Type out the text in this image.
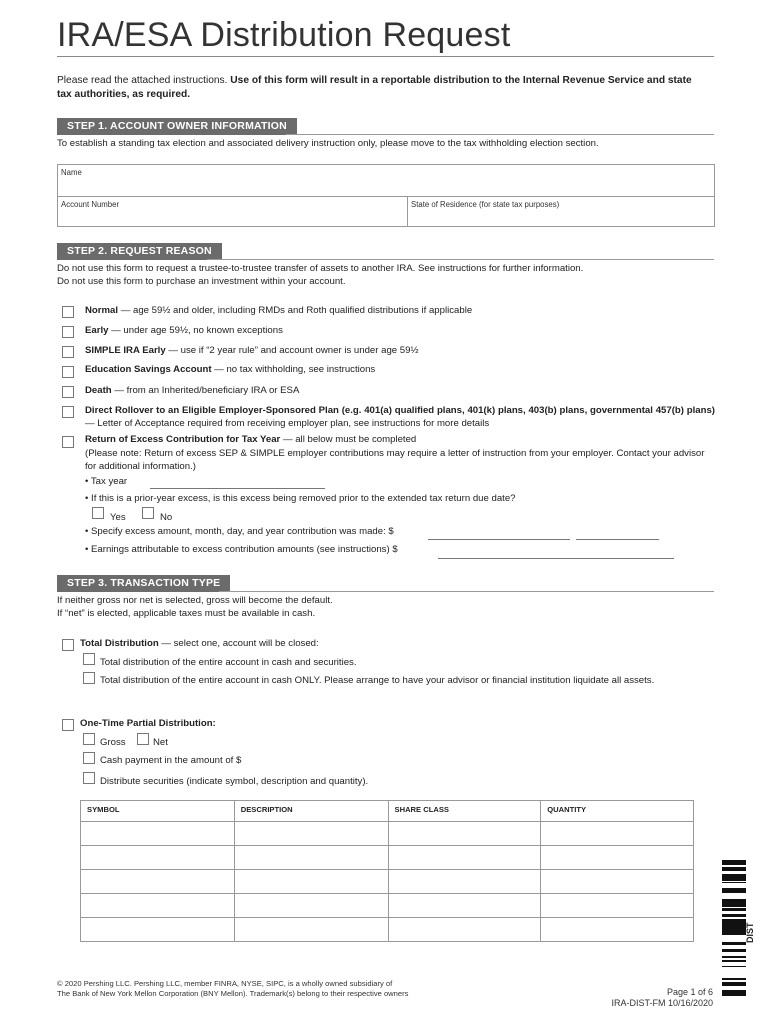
IRA/ESA Distribution Request
Please read the attached instructions. Use of this form will result in a reportable distribution to the Internal Revenue Service and state tax authorities, as required.
STEP 1. ACCOUNT OWNER INFORMATION
To establish a standing tax election and associated delivery instruction only, please move to the tax withholding election section.
Name
Account Number	State of Residence (for state tax purposes)
STEP 2. REQUEST REASON
Do not use this form to request a trustee-to-trustee transfer of assets to another IRA. See instructions for further information.
Do not use this form to purchase an investment within your account.
Normal — age 59½ and older, including RMDs and Roth qualified distributions if applicable
Early — under age 59½, no known exceptions
SIMPLE IRA Early — use if “2 year rule” and account owner is under age 59½
Education Savings Account — no tax withholding, see instructions
Death — from an Inherited/beneficiary IRA or ESA
Direct Rollover to an Eligible Employer-Sponsored Plan (e.g. 401(a) qualified plans, 401(k) plans, 403(b) plans, governmental 457(b) plans) — Letter of Acceptance required from receiving employer plan, see instructions for more details
Return of Excess Contribution for Tax Year — all below must be completed
(Please note: Return of excess SEP & SIMPLE employer contributions may require a letter of instruction from your employer. Contact your advisor for additional information.)
• Tax year
• If this is a prior-year excess, is this excess being removed prior to the extended tax return due date?
Yes	No
• Specify excess amount, month, day, and year contribution was made: $
• Earnings attributable to excess contribution amounts (see instructions) $
STEP 3. TRANSACTION TYPE
If neither gross nor net is selected, gross will become the default.
If “net” is elected, applicable taxes must be available in cash.
Total Distribution — select one, account will be closed:
Total distribution of the entire account in cash and securities.
Total distribution of the entire account in cash ONLY. Please arrange to have your advisor or financial institution liquidate all assets.
One-Time Partial Distribution:
Gross	Net
Cash payment in the amount of $
Distribute securities (indicate symbol, description and quantity).
SYMBOL	DESCRIPTION	SHARE CLASS	QUANTITY

DIST
© 2020 Pershing LLC. Pershing LLC, member FINRA, NYSE, SIPC, is a wholly owned subsidiary of
The Bank of New York Mellon Corporation (BNY Mellon). Trademark(s) belong to their respective owners	Page 1 of 6
IRA-DIST-FM 10/16/2020
